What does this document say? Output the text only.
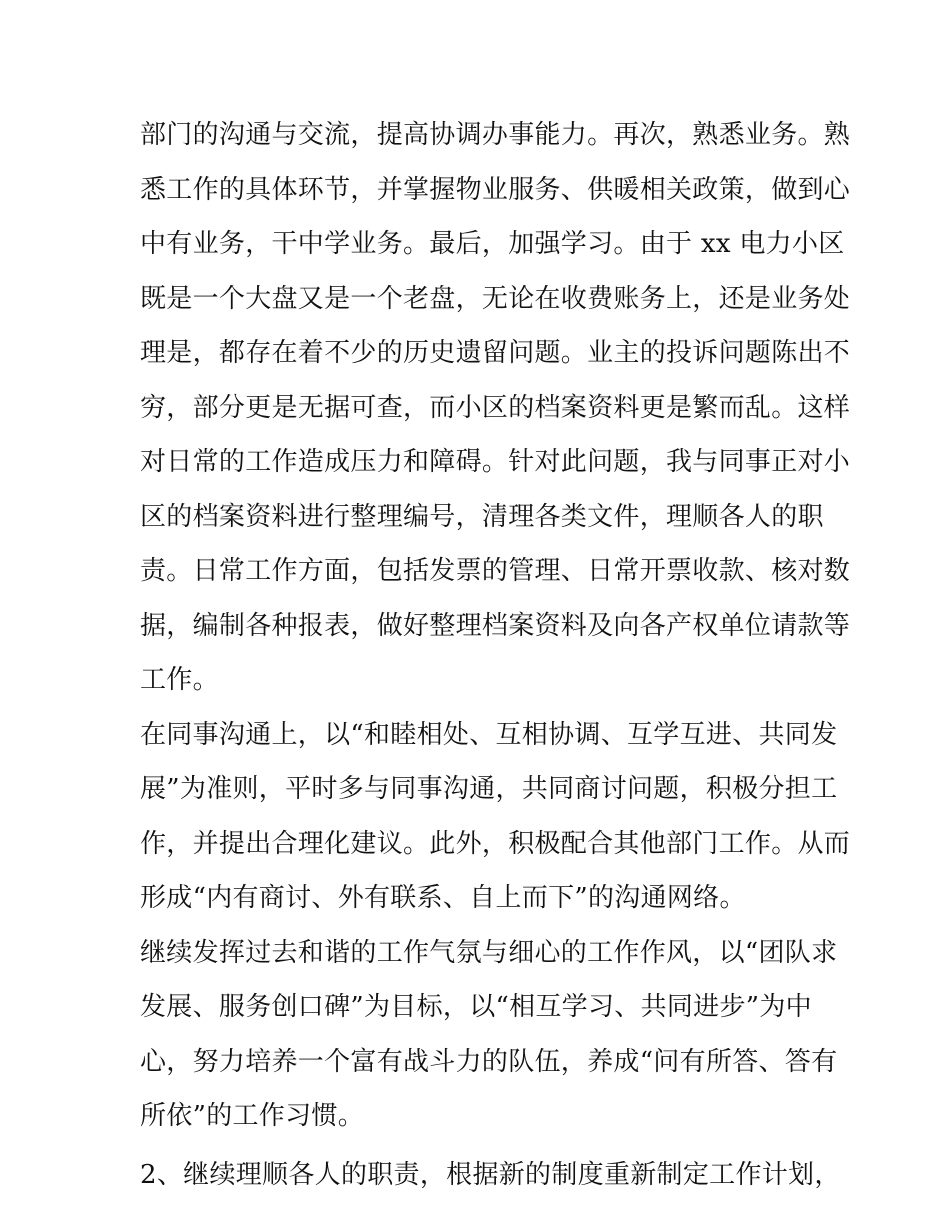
部门的沟通与交流，提高协调办事能力。再次，熟悉业务。熟
悉工作的具体环节，并掌握物业服务、供暖相关政策，做到心
中有业务，干中学业务。最后，加强学习。由于 xx 电力小区
既是一个大盘又是一个老盘，无论在收费账务上，还是业务处
理是，都存在着不少的历史遗留问题。业主的投诉问题陈出不
穷，部分更是无据可查，而小区的档案资料更是繁而乱。这样
对日常的工作造成压力和障碍。针对此问题，我与同事正对小
区的档案资料进行整理编号，清理各类文件，理顺各人的职
责。日常工作方面，包括发票的管理、日常开票收款、核对数
据，编制各种报表，做好整理档案资料及向各产权单位请款等
工作。
在同事沟通上，以“和睦相处、互相协调、互学互进、共同发
展”为准则，平时多与同事沟通，共同商讨问题，积极分担工
作，并提出合理化建议。此外，积极配合其他部门工作。从而
形成“内有商讨、外有联系、自上而下”的沟通网络。
继续发挥过去和谐的工作气氛与细心的工作作风，以“团队求
发展、服务创口碑”为目标，以“相互学习、共同进步”为中
心，努力培养一个富有战斗力的队伍，养成“问有所答、答有
所依”的工作习惯。
2、继续理顺各人的职责，根据新的制度重新制定工作计划，
